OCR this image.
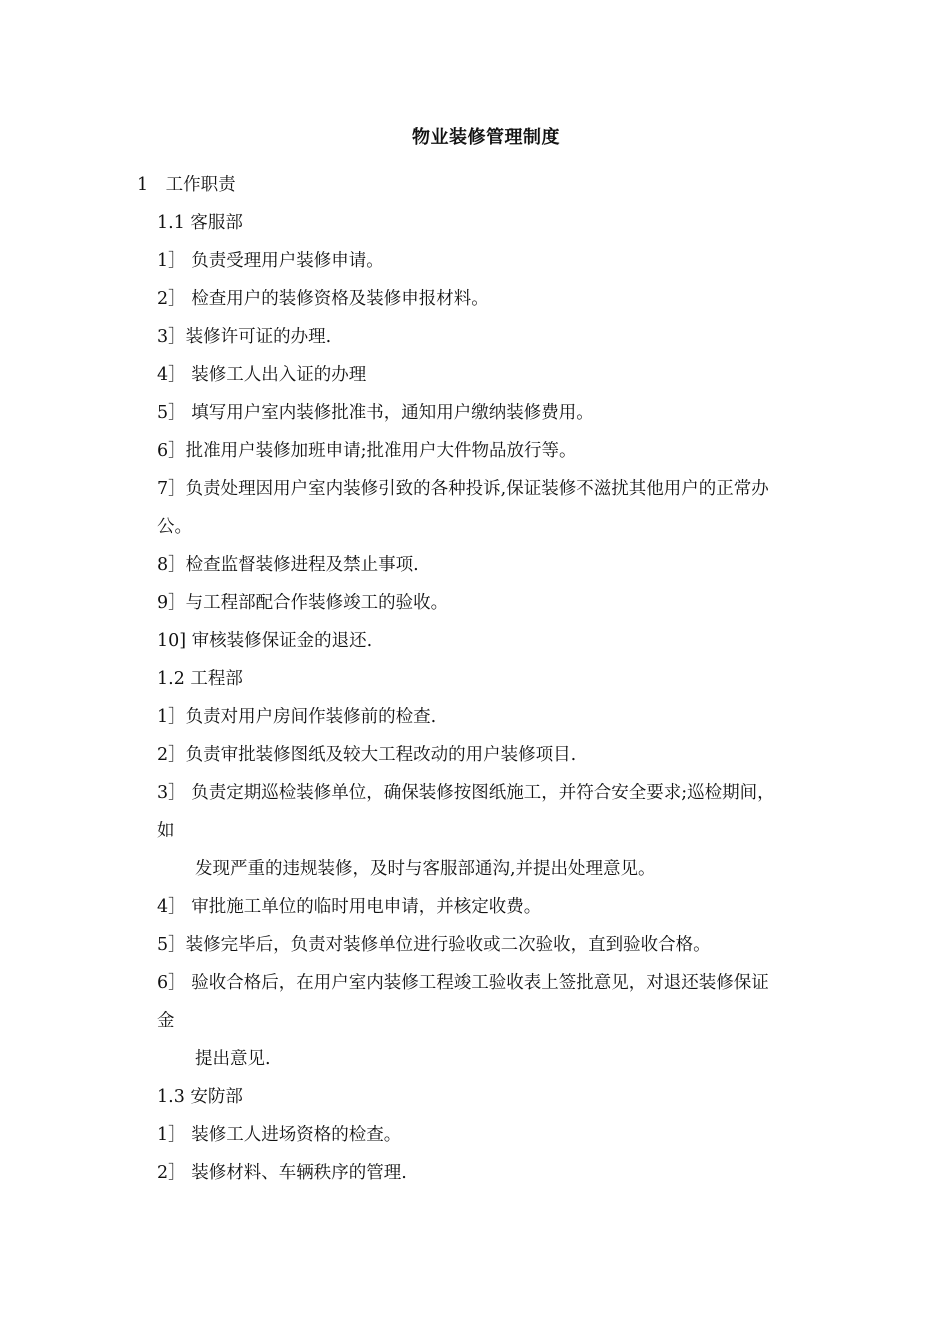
物业装修管理制度
1　工作职责
1.1 客服部
1］ 负责受理用户装修申请。
2］ 检查用户的装修资格及装修申报材料。
3］装修许可证的办理.
4］ 装修工人出入证的办理
5］ 填写用户室内装修批准书，通知用户缴纳装修费用。
6］批准用户装修加班申请;批准用户大件物品放行等。
7］负责处理因用户室内装修引致的各种投诉,保证装修不滋扰其他用户的正常办
公。
8］检查监督装修进程及禁止事项.
9］与工程部配合作装修竣工的验收。
10] 审核装修保证金的退还.
1.2 工程部
1］负责对用户房间作装修前的检查.
2］负责审批装修图纸及较大工程改动的用户装修项目.
3］ 负责定期巡检装修单位，确保装修按图纸施工，并符合安全要求;巡检期间，
如
发现严重的违规装修，及时与客服部通沟,并提出处理意见。
4］ 审批施工单位的临时用电申请，并核定收费。
5］装修完毕后，负责对装修单位进行验收或二次验收，直到验收合格。
6］ 验收合格后，在用户室内装修工程竣工验收表上签批意见，对退还装修保证
金
提出意见.
1.3 安防部
1］ 装修工人进场资格的检查。
2］ 装修材料、车辆秩序的管理.
